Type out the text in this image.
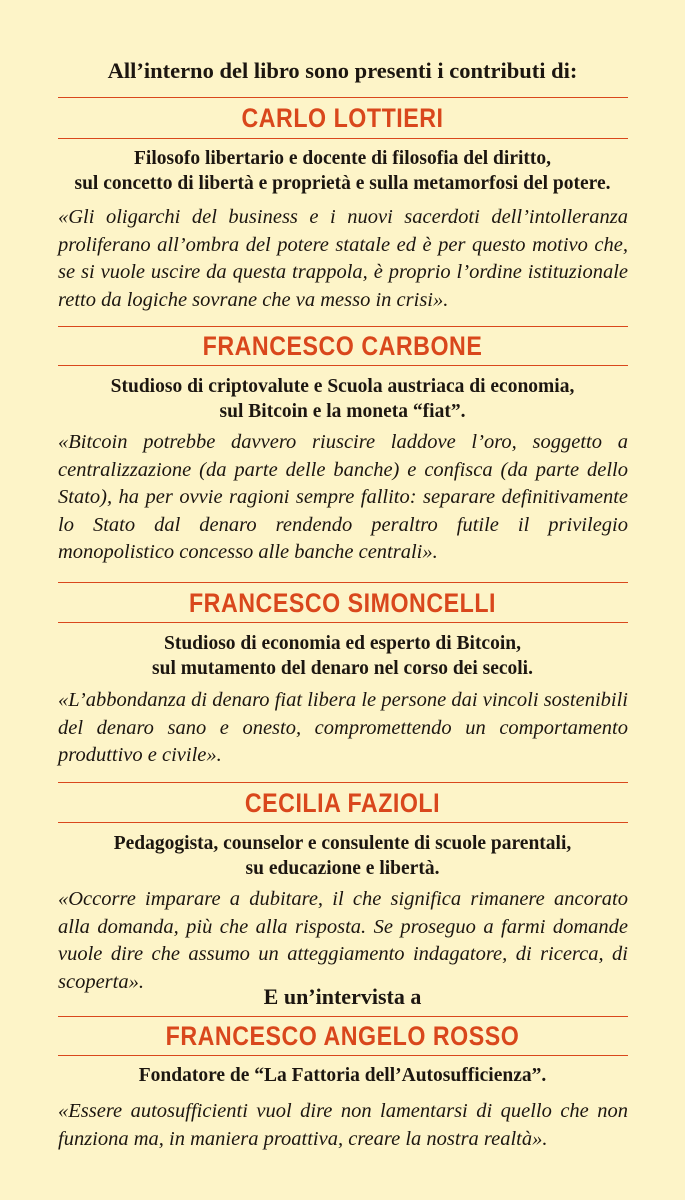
All’interno del libro sono presenti i contributi di:
CARLO LOTTIERI
Filosofo libertario e docente di filosofia del diritto,
sul concetto di libertà e proprietà e sulla metamorfosi del potere.
«Gli oligarchi del business e i nuovi sacerdoti dell’intolleranza proliferano all’ombra del potere statale ed è per questo motivo che, se si vuole uscire da questa trappola, è proprio l’ordine istituzionale retto da logiche sovrane che va messo in crisi».
FRANCESCO CARBONE
Studioso di criptovalute e Scuola austriaca di economia,
sul Bitcoin e la moneta “fiat”.
«Bitcoin potrebbe davvero riuscire laddove l’oro, soggetto a centralizzazione (da parte delle banche) e confisca (da parte dello Stato), ha per ovvie ragioni sempre fallito: separare definitivamente lo Stato dal denaro rendendo peraltro futile il privilegio monopolistico concesso alle banche centrali».
FRANCESCO SIMONCELLI
Studioso di economia ed esperto di Bitcoin,
sul mutamento del denaro nel corso dei secoli.
«L’abbondanza di denaro fiat libera le persone dai vincoli sostenibili del denaro sano e onesto, compromettendo un comportamento produttivo e civile».
CECILIA FAZIOLI
Pedagogista, counselor e consulente di scuole parentali,
su educazione e libertà.
«Occorre imparare a dubitare, il che significa rimanere ancorato alla domanda, più che alla risposta. Se proseguo a farmi domande vuole dire che assumo un atteggiamento indagatore, di ricerca, di scoperta».
E un’intervista a
FRANCESCO ANGELO ROSSO
Fondatore de “La Fattoria dell’Autosufficienza”.
«Essere autosufficienti vuol dire non lamentarsi di quello che non funziona ma, in maniera proattiva, creare la nostra realtà».
